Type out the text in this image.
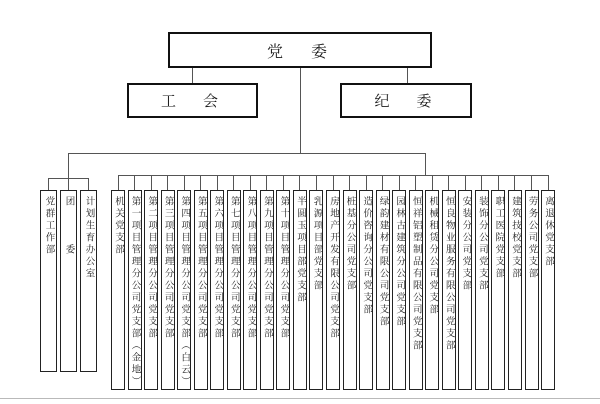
党　委
工　会	纪　委
党群工作部	团　　　委	计划生育办公室	机关党支部 第一项目管理分公司党支部（金地） 第二项目管理分公司党支部 第三项目管理分公司党支部 第四项目管理分公司党支部（白云） 第五项目管理分公司党支部 第六项目管理分公司党支部 第七项目管理分公司党支部 第八项目管理分公司党支部 第九项目管理分公司党支部 第十项目管理分公司党支部 半圆玉项目部党支部 乳源项目部党支部 房地产开发有限公司党支部 桩基分公司党支部 造价咨询分公司党支部 绿韵建材有限公司党支部 园林古建筑分公司党支部 恒祥铝塑制品有限公司党支部 机械租赁分公司党支部 恒良物业服务有限公司党支部 安装分公司党支部 装饰分公司党支部 职工医院党支部 建筑技校党支部 劳务公司党支部 离退休党支部
